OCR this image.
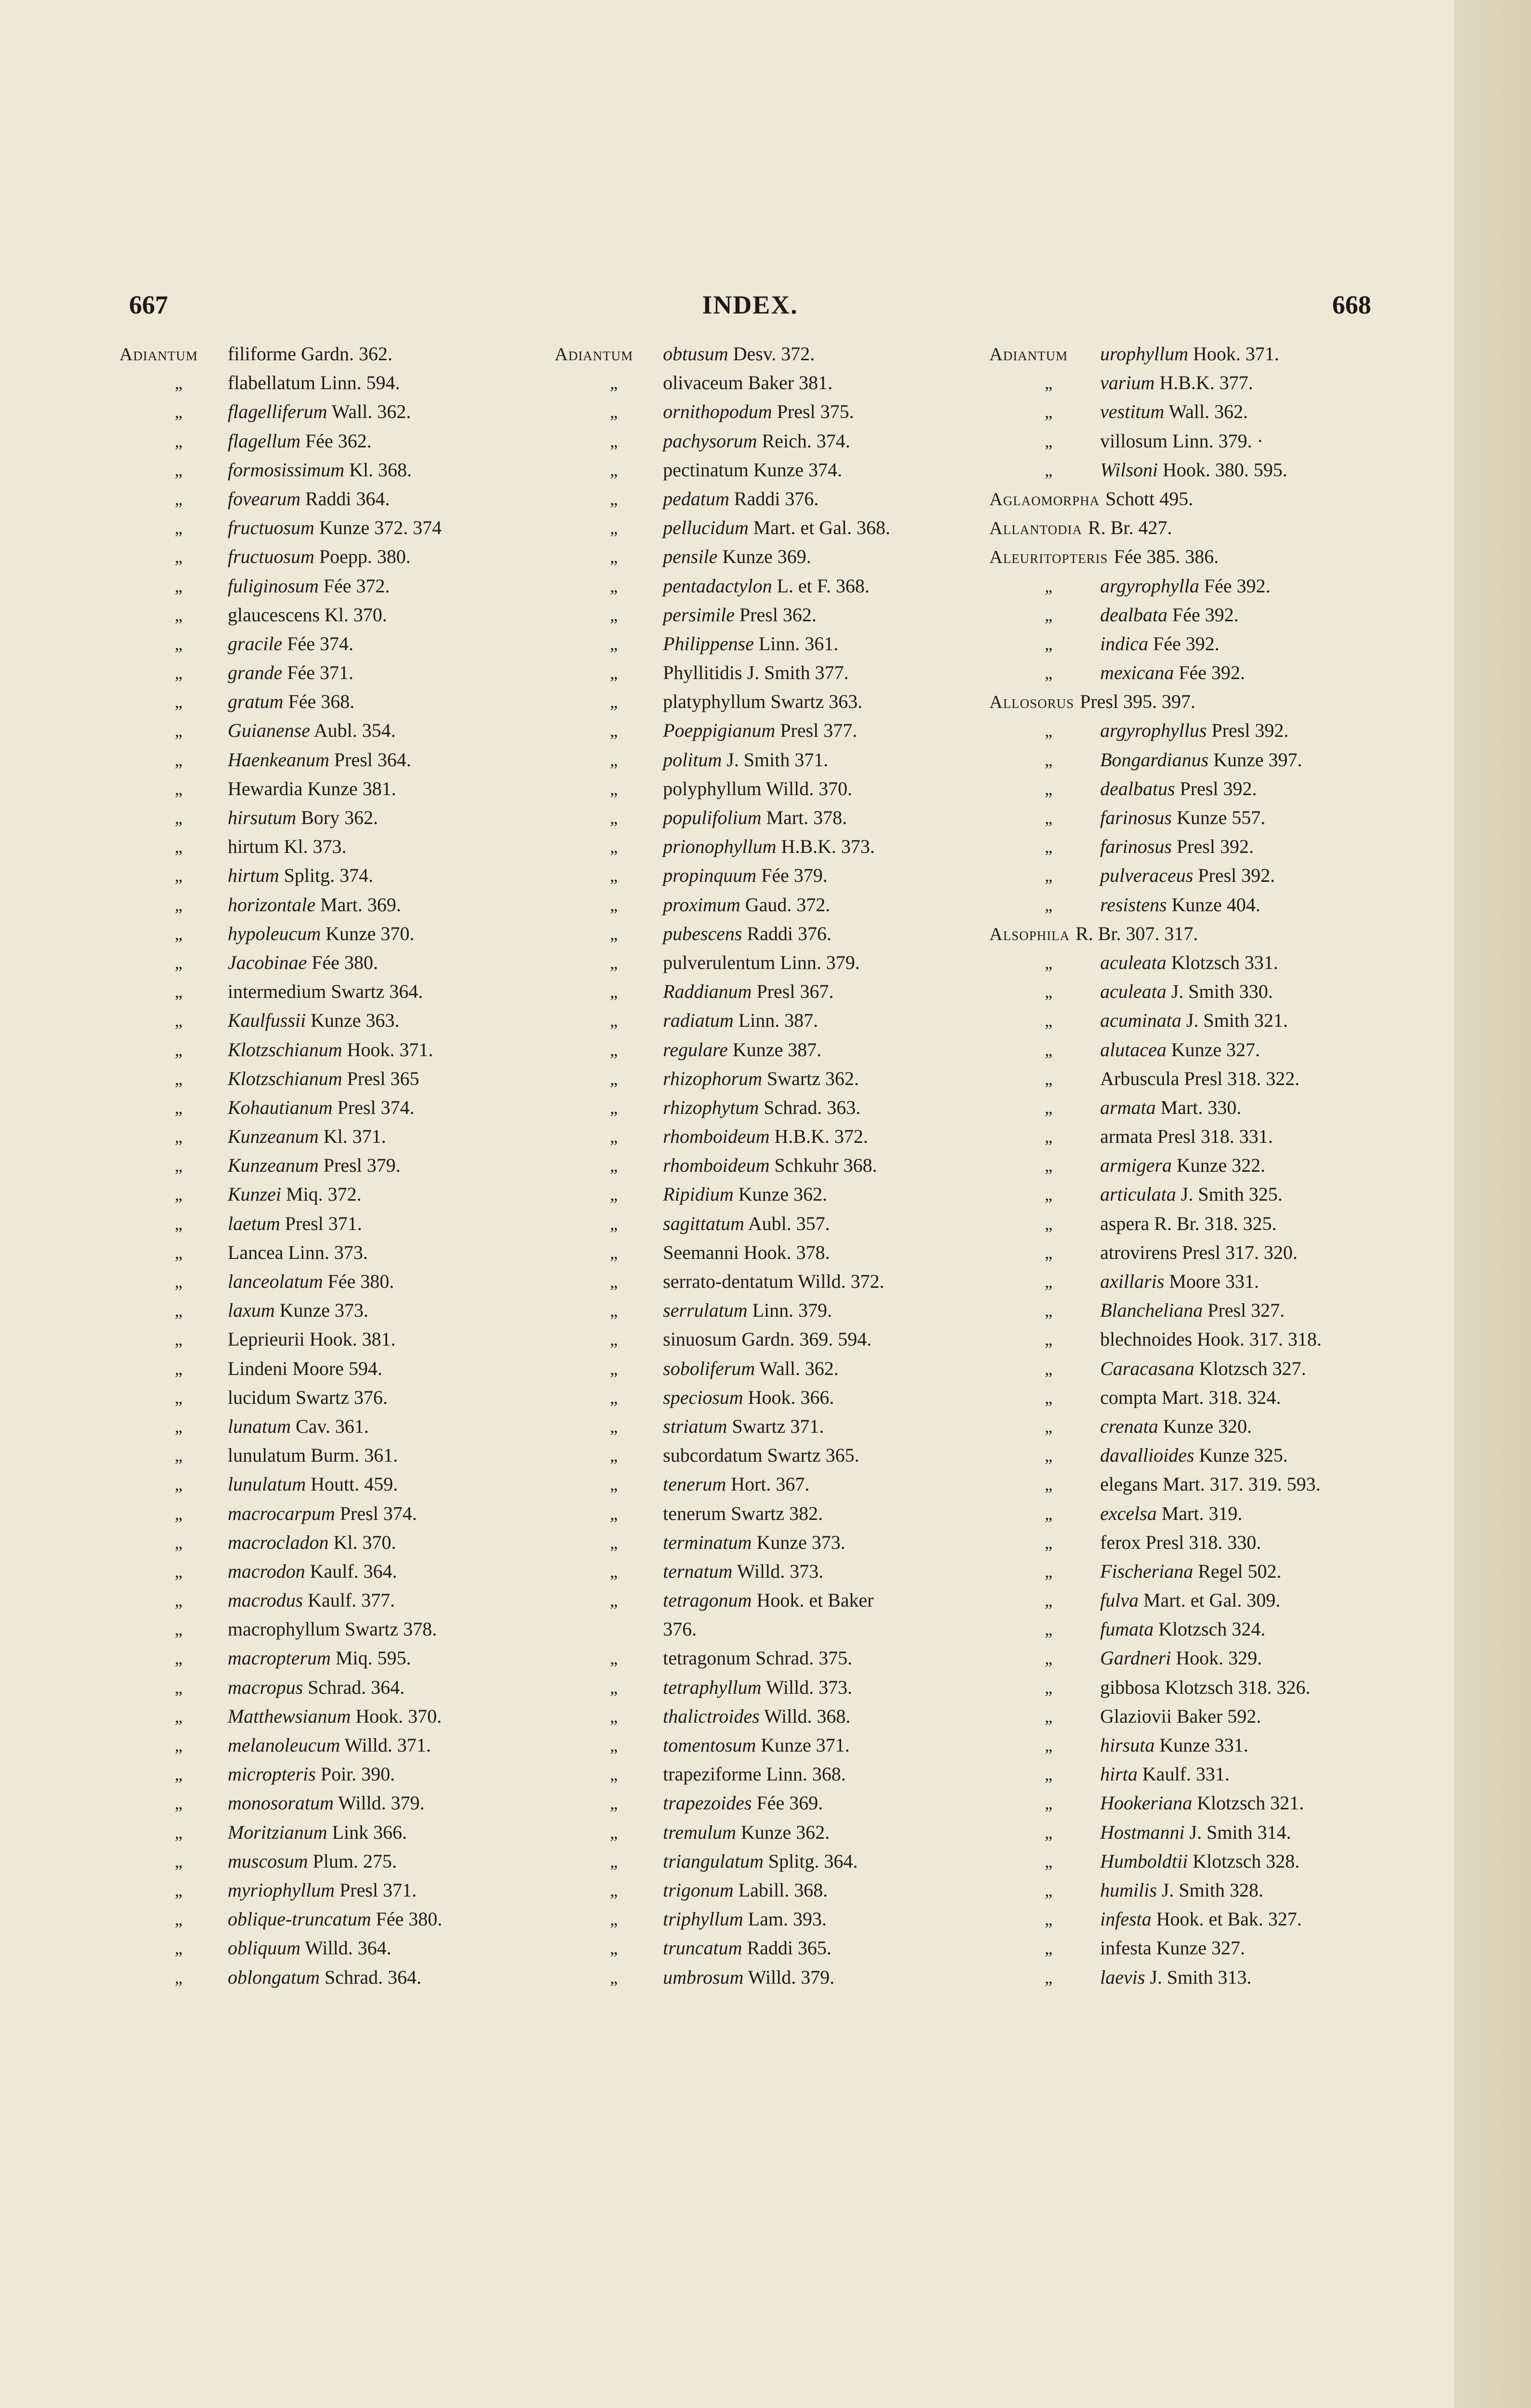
INDEX.
667	668
Adiantum filiforme Gardn. 362.
„ flabellatum Linn. 594.
„ flagelliferum Wall. 362.
„ flagellum Fée 362.
„ formosissimum Kl. 368.
„ fovearum Raddi 364.
„ fructuosum Kunze 372. 374
„ fructuosum Poepp. 380.
„ fuliginosum Fée 372.
„ glaucescens Kl. 370.
„ gracile Fée 374.
„ grande Fée 371.
„ gratum Fée 368.
„ Guianense Aubl. 354.
„ Haenkeanum Presl 364.
„ Hewardia Kunze 381.
„ hirsutum Bory 362.
„ hirtum Kl. 373.
„ hirtum Splitg. 374.
„ horizontale Mart. 369.
„ hypoleucum Kunze 370.
„ Jacobinae Fée 380.
„ intermedium Swartz 364.
„ Kaulfussii Kunze 363.
„ Klotzschianum Hook. 371.
„ Klotzschianum Presl 365
„ Kohautianum Presl 374.
„ Kunzeanum Kl. 371.
„ Kunzeanum Presl 379.
„ Kunzei Miq. 372.
„ laetum Presl 371.
„ Lancea Linn. 373.
„ lanceolatum Fée 380.
„ laxum Kunze 373.
„ Leprieurii Hook. 381.
„ Lindeni Moore 594.
„ lucidum Swartz 376.
„ lunatum Cav. 361.
„ lunulatum Burm. 361.
„ lunulatum Houtt. 459.
„ macrocarpum Presl 374.
„ macrocladon Kl. 370.
„ macrodon Kaulf. 364.
„ macrodus Kaulf. 377.
„ macrophyllum Swartz 378.
„ macropterum Miq. 595.
„ macropus Schrad. 364.
„ Matthewsianum Hook. 370.
„ melanoleucum Willd. 371.
„ micropteris Poir. 390.
„ monosoratum Willd. 379.
„ Moritzianum Link 366.
„ muscosum Plum. 275.
„ myriophyllum Presl 371.
„ oblique-truncatum Fée 380.
„ obliquum Willd. 364.
„ oblongatum Schrad. 364.
Adiantum obtusum Desv. 372.
„ olivaceum Baker 381.
„ ornithopodum Presl 375.
„ pachysorum Reich. 374.
„ pectinatum Kunze 374.
„ pedatum Raddi 376.
„ pellucidum Mart. et Gal. 368.
„ pensile Kunze 369.
„ pentadactylon L. et F. 368.
„ persimile Presl 362.
„ Philippense Linn. 361.
„ Phyllitidis J. Smith 377.
„ platyphyllum Swartz 363.
„ Poeppigianum Presl 377.
„ politum J. Smith 371.
„ polyphyllum Willd. 370.
„ populifolium Mart. 378.
„ prionophyllum H.B.K. 373.
„ propinquum Fée 379.
„ proximum Gaud. 372.
„ pubescens Raddi 376.
„ pulverulentum Linn. 379.
„ Raddianum Presl 367.
„ radiatum Linn. 387.
„ regulare Kunze 387.
„ rhizophorum Swartz 362.
„ rhizophytum Schrad. 363.
„ rhomboideum H.B.K. 372.
„ rhomboideum Schkuhr 368.
„ Ripidium Kunze 362.
„ sagittatum Aubl. 357.
„ Seemanni Hook. 378.
„ serrato-dentatum Willd. 372.
„ serrulatum Linn. 379.
„ sinuosum Gardn. 369. 594.
„ soboliferum Wall. 362.
„ speciosum Hook. 366.
„ striatum Swartz 371.
„ subcordatum Swartz 365.
„ tenerum Hort. 367.
„ tenerum Swartz 382.
„ terminatum Kunze 373.
„ ternatum Willd. 373.
„ tetragonum Hook. et Baker
376.
„ tetragonum Schrad. 375.
„ tetraphyllum Willd. 373.
„ thalictroides Willd. 368.
„ tomentosum Kunze 371.
„ trapeziforme Linn. 368.
„ trapezoides Fée 369.
„ tremulum Kunze 362.
„ triangulatum Splitg. 364.
„ trigonum Labill. 368.
„ triphyllum Lam. 393.
„ truncatum Raddi 365.
„ umbrosum Willd. 379.
Adiantum urophyllum Hook. 371.
„ varium H.B.K. 377.
„ vestitum Wall. 362.
„ villosum Linn. 379. ·
„ Wilsoni Hook. 380. 595.
Aglaomorpha Schott 495.
Allantodia R. Br. 427.
Aleuritopteris Fée 385. 386.
„ argyrophylla Fée 392.
„ dealbata Fée 392.
„ indica Fée 392.
„ mexicana Fée 392.
Allosorus Presl 395. 397.
„ argyrophyllus Presl 392.
„ Bongardianus Kunze 397.
„ dealbatus Presl 392.
„ farinosus Kunze 557.
„ farinosus Presl 392.
„ pulveraceus Presl 392.
„ resistens Kunze 404.
Alsophila R. Br. 307. 317.
„ aculeata Klotzsch 331.
„ aculeata J. Smith 330.
„ acuminata J. Smith 321.
„ alutacea Kunze 327.
„ Arbuscula Presl 318. 322.
„ armata Mart. 330.
„ armata Presl 318. 331.
„ armigera Kunze 322.
„ articulata J. Smith 325.
„ aspera R. Br. 318. 325.
„ atrovirens Presl 317. 320.
„ axillaris Moore 331.
„ Blancheliana Presl 327.
„ blechnoides Hook. 317. 318.
„ Caracasana Klotzsch 327.
„ compta Mart. 318. 324.
„ crenata Kunze 320.
„ davallioides Kunze 325.
„ elegans Mart. 317. 319. 593.
„ excelsa Mart. 319.
„ ferox Presl 318. 330.
„ Fischeriana Regel 502.
„ fulva Mart. et Gal. 309.
„ fumata Klotzsch 324.
„ Gardneri Hook. 329.
„ gibbosa Klotzsch 318. 326.
„ Glaziovii Baker 592.
„ hirsuta Kunze 331.
„ hirta Kaulf. 331.
„ Hookeriana Klotzsch 321.
„ Hostmanni J. Smith 314.
„ Humboldtii Klotzsch 328.
„ humilis J. Smith 328.
„ infesta Hook. et Bak. 327.
„ infesta Kunze 327.
„ laevis J. Smith 313.
